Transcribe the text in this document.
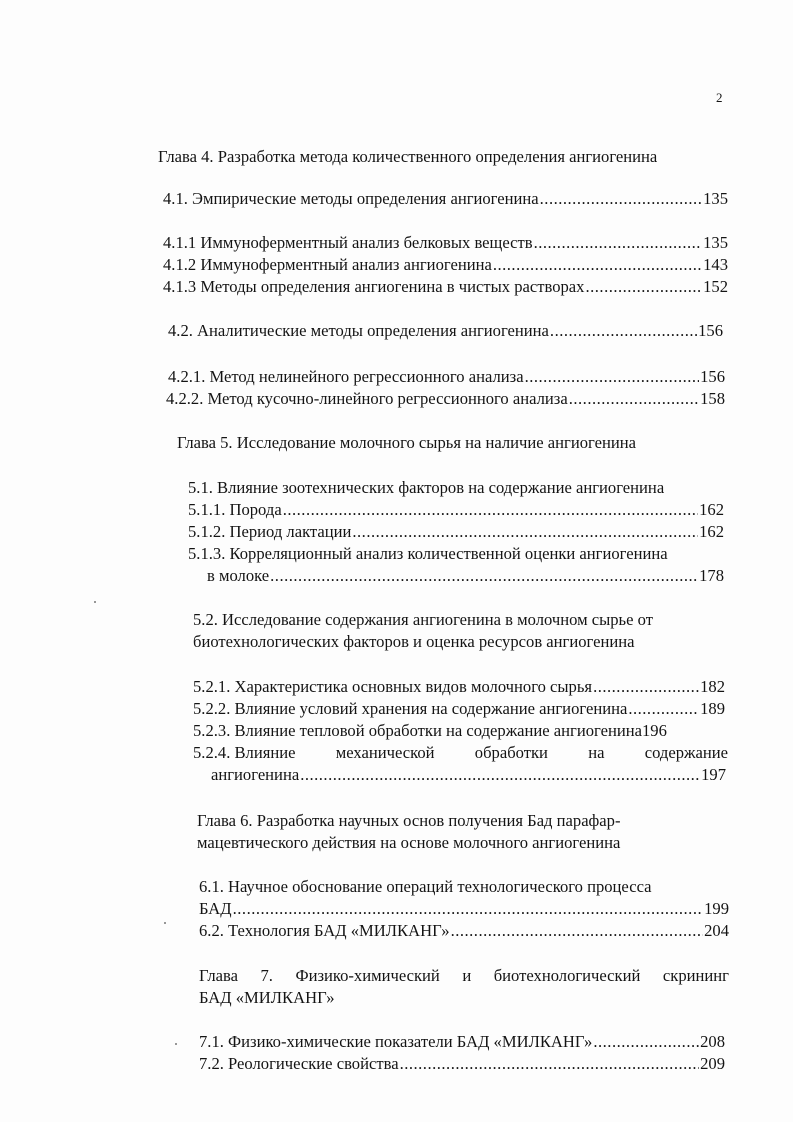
2
Глава 4. Разработка метода количественного определения ангиогенина
4.1. Эмпирические методы определения ангиогенина .....	135
4.1.1 Иммуноферментный анализ белковых веществ .....	135
4.1.2 Иммуноферментный анализ ангиогенина .....	143
4.1.3 Методы определения ангиогенина в чистых растворах .....	152
4.2. Аналитические методы определения ангиогенина .....	156
4.2.1. Метод нелинейного регрессионного анализа .....	156
4.2.2. Метод кусочно-линейного регрессионного анализа .....	158
Глава 5. Исследование молочного сырья на наличие ангиогенина
5.1. Влияние зоотехнических факторов на содержание ангиогенина
5.1.1. Порода .....	162
5.1.2. Период лактации .....	162
5.1.3. Корреляционный анализ количественной оценки ангиогенина
в молоке .....	178
5.2. Исследование содержания ангиогенина в молочном сырье от
биотехнологических факторов и оценка ресурсов ангиогенина
5.2.1. Характеристика основных видов молочного сырья .....	182
5.2.2. Влияние условий хранения на содержание ангиогенина .....	189
5.2.3. Влияние тепловой обработки на содержание ангиогенина 196
5.2.4. Влияние механической обработки на содержание
ангиогенина .....	197
Глава 6. Разработка научных основ получения Бад парафар-
мацевтического действия на основе молочного ангиогенина
6.1. Научное обоснование операций технологического процесса
БАД .....	199
6.2. Технология БАД «МИЛКАНГ» .....	204
Глава 7. Физико-химический и биотехнологический скрининг
БАД «МИЛКАНГ»
7.1. Физико-химические показатели БАД «МИЛКАНГ» .....	208
7.2. Реологические свойства .....	209
